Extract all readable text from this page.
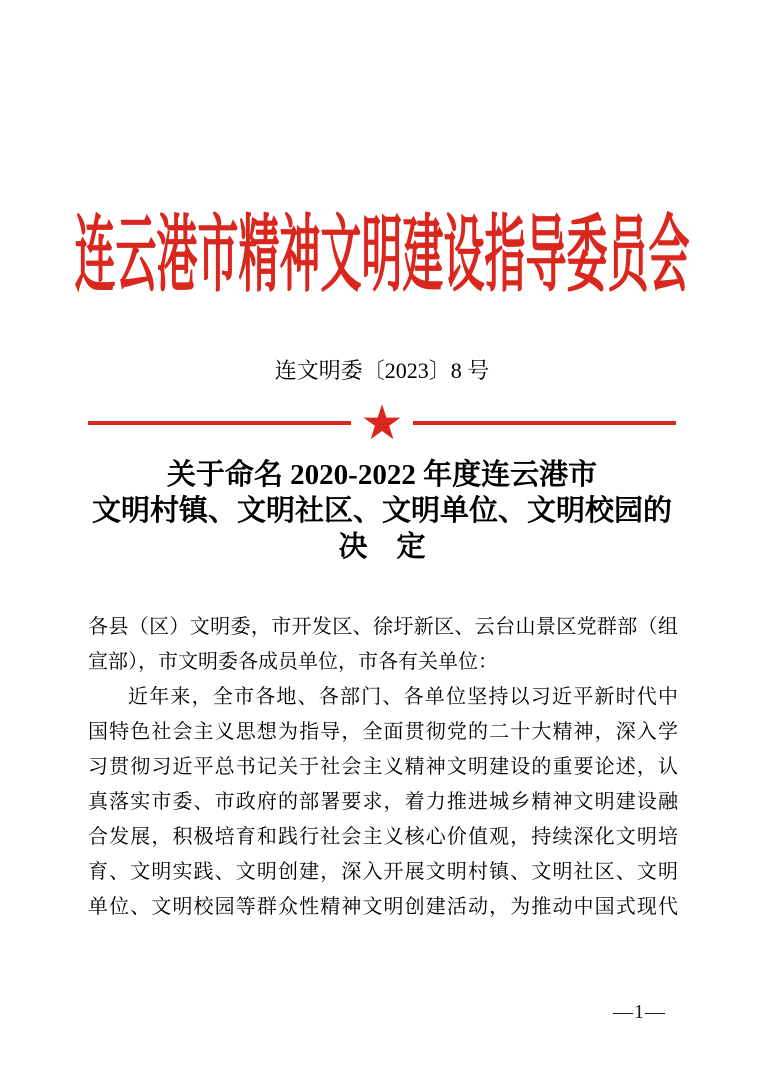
连云港市精神文明建设指导委员会
连文明委〔2023〕8 号
★
关于命名 2020-2022 年度连云港市
文明村镇、文明社区、文明单位、文明校园的
决　定
各县（区）文明委，市开发区、徐圩新区、云台山景区党群部（组
宣部），市文明委各成员单位，市各有关单位：
近年来，全市各地、各部门、各单位坚持以习近平新时代中
国特色社会主义思想为指导，全面贯彻党的二十大精神，深入学
习贯彻习近平总书记关于社会主义精神文明建设的重要论述，认
真落实市委、市政府的部署要求，着力推进城乡精神文明建设融
合发展，积极培育和践行社会主义核心价值观，持续深化文明培
育、文明实践、文明创建，深入开展文明村镇、文明社区、文明
单位、文明校园等群众性精神文明创建活动，为推动中国式现代
—1—
